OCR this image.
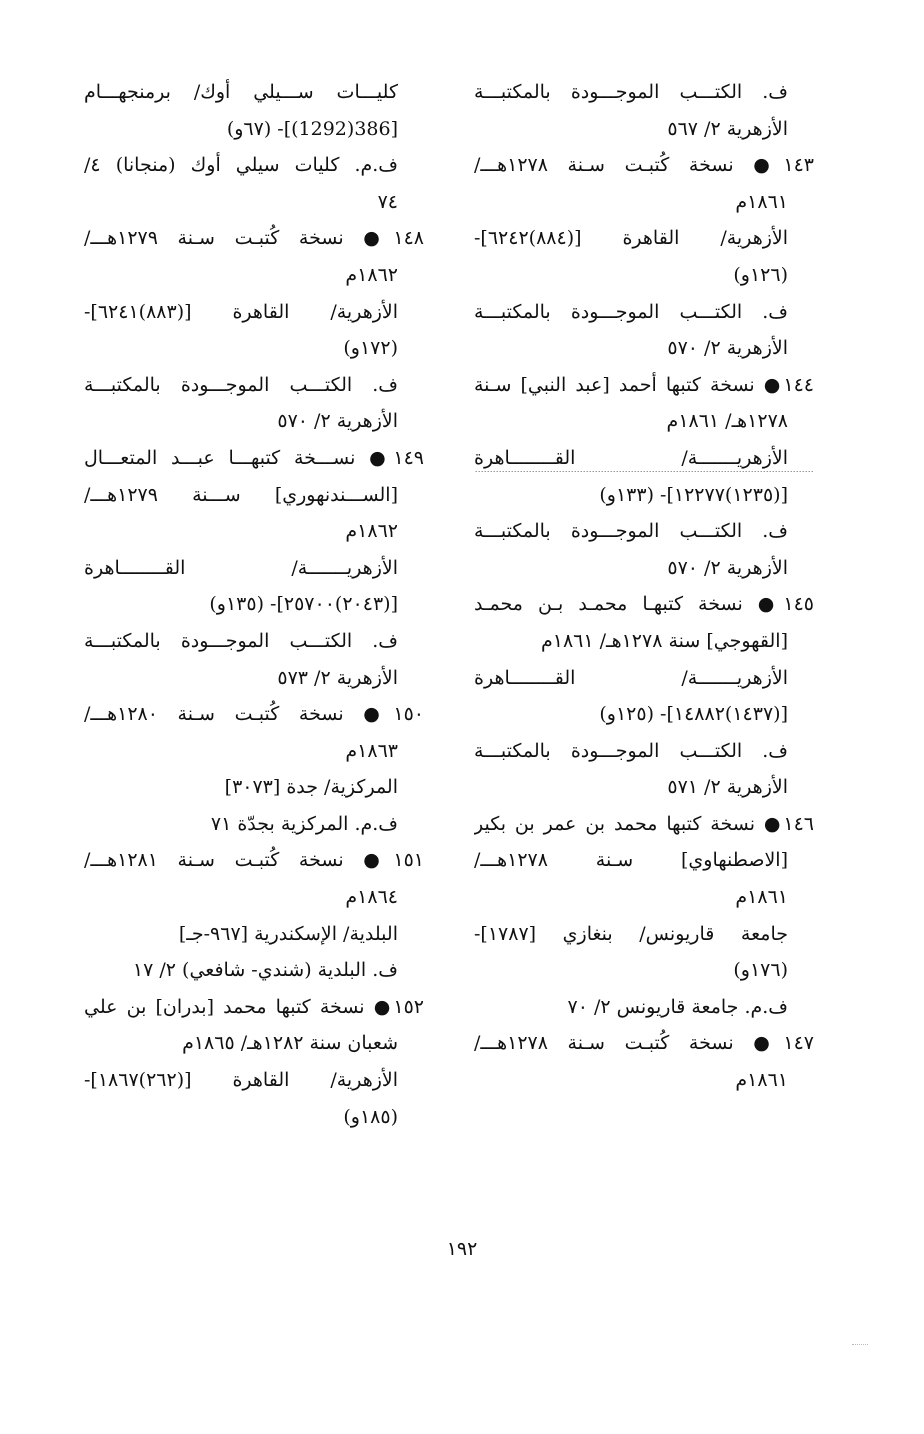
ف. الكتـــب الموجـــودة بالمكتبـــة
الأزهرية ٢/ ٥٦٧
١٤٣● نسخة كُتبـت سـنة ١٢٧٨هـــ/
١٨٦١م
الأزهرية/ القاهرة [(٨٨٤)٦٢٤٢]-
(١٢٦و)
ف. الكتـــب الموجـــودة بالمكتبـــة
الأزهرية ٢/ ٥٧٠
١٤٤● نسخة كتبها أحمد [عبد النبي] سـنة
١٢٧٨هـ/ ١٨٦١م
الأزهريـــــــة/ القــــــــاهرة
[(١٢٣٥)١٢٢٧٧]- (١٣٣و)
ف. الكتـــب الموجـــودة بالمكتبـــة
الأزهرية ٢/ ٥٧٠
١٤٥● نسخة كتبهـا محمـد بـن محمـد
[القهوجي] سنة ١٢٧٨هـ/ ١٨٦١م
الأزهريـــــــة/ القــــــــاهرة
[(١٤٣٧)١٤٨٨٢]- (١٢٥و)
ف. الكتـــب الموجـــودة بالمكتبـــة
الأزهرية ٢/ ٥٧١
١٤٦● نسخة كتبها محمد بن عمر بن بكير
[الاصطنهاوي] سـنة ١٢٧٨هـــ/
١٨٦١م
جامعة قاريونس/ بنغازي [١٧٨٧]-
(١٧٦و)
ف.م. جامعة قاريونس ٢/ ٧٠
١٤٧● نسخة كُتبـت سـنة ١٢٧٨هـــ/
١٨٦١م
كليـــات ســـيلي أوك/ برمنجهـــام
[386(1292)]- (٦٧و)
ف.م. كليات سيلي أوك (منجانا) ٤/
٧٤
١٤٨● نسخة كُتبـت سـنة ١٢٧٩هـــ/
١٨٦٢م
الأزهرية/ القاهرة [(٨٨٣)٦٢٤١]-
(١٧٢و)
ف. الكتـــب الموجـــودة بالمكتبـــة
الأزهرية ٢/ ٥٧٠
١٤٩● نســـخة كتبهـــا عبـــد المتعـــال
[الســـندنهوري] ســـنة ١٢٧٩هـــ/
١٨٦٢م
الأزهريـــــــة/ القــــــــاهرة
[(٢٠٤٣)٢٥٧٠٠]- (١٣٥و)
ف. الكتـــب الموجـــودة بالمكتبـــة
الأزهرية ٢/ ٥٧٣
١٥٠● نسخة كُتبـت سـنة ١٢٨٠هـــ/
١٨٦٣م
المركزية/ جدة [٣٠٧٣]
ف.م. المركزية بجدّة ٧١
١٥١● نسخة كُتبـت سـنة ١٢٨١هـــ/
١٨٦٤م
البلدية/ الإسكندرية [٩٦٧-جـ]
ف. البلدية (شندي- شافعي) ٢/ ١٧
١٥٢● نسخة كتبها محمد [بدران] بن علي
شعبان سنة ١٢٨٢هـ/ ١٨٦٥م
الأزهرية/ القاهرة [(٢٦٢)١٨٦٧]-
(١٨٥و)
١٩٢
